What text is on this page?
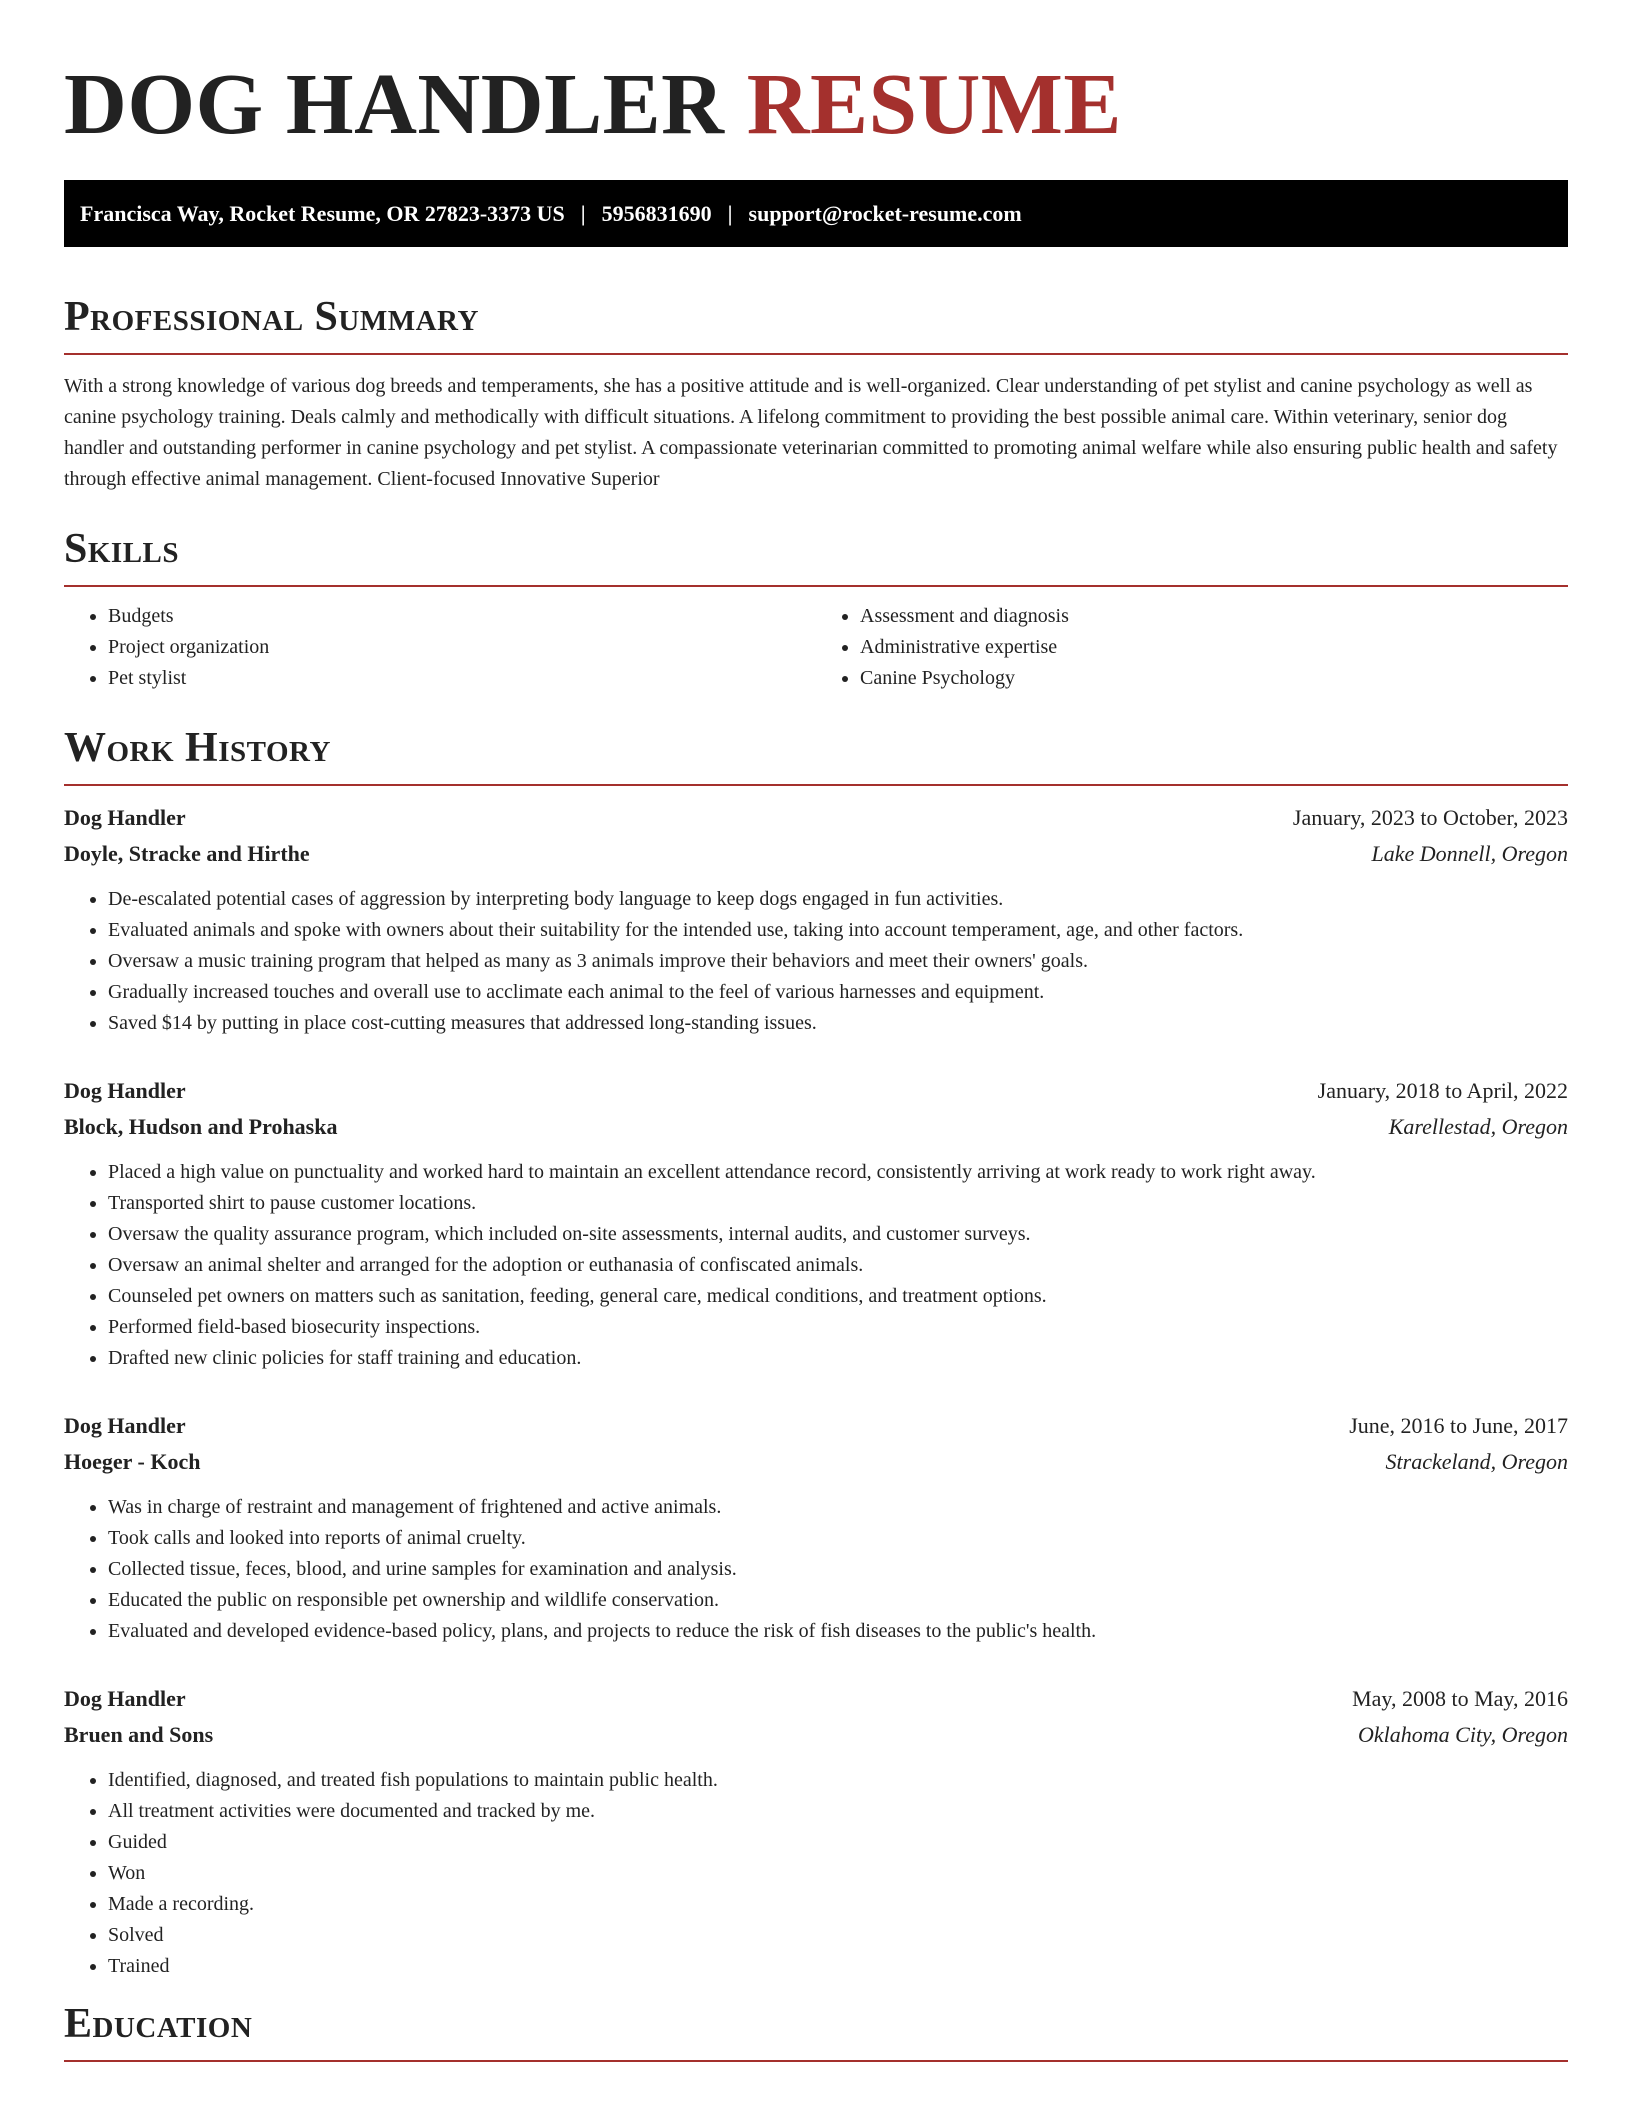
DOG HANDLER RESUME
Francisca Way, Rocket Resume, OR 27823-3373 US | 5956831690 | support@rocket-resume.com
Professional Summary

With a strong knowledge of various dog breeds and temperaments, she has a positive attitude and is well-organized. Clear understanding of pet stylist and canine psychology as well as canine psychology training. Deals calmly and methodically with difficult situations. A lifelong commitment to providing the best possible animal care. Within veterinary, senior dog handler and outstanding performer in canine psychology and pet stylist. A compassionate veterinarian committed to promoting animal welfare while also ensuring public health and safety through effective animal management. Client-focused Innovative Superior

Skills
• Budgets
• Project organization
• Pet stylist
• Assessment and diagnosis
• Administrative expertise
• Canine Psychology
Work History
Dog Handler	January, 2023 to October, 2023
Doyle, Stracke and Hirthe	Lake Donnell, Oregon
• De-escalated potential cases of aggression by interpreting body language to keep dogs engaged in fun activities.
• Evaluated animals and spoke with owners about their suitability for the intended use, taking into account temperament, age, and other factors.
• Oversaw a music training program that helped as many as 3 animals improve their behaviors and meet their owners' goals.
• Gradually increased touches and overall use to acclimate each animal to the feel of various harnesses and equipment.
• Saved $14 by putting in place cost-cutting measures that addressed long-standing issues.
Dog Handler	January, 2018 to April, 2022
Block, Hudson and Prohaska	Karellestad, Oregon
• Placed a high value on punctuality and worked hard to maintain an excellent attendance record, consistently arriving at work ready to work right away.
• Transported shirt to pause customer locations.
• Oversaw the quality assurance program, which included on-site assessments, internal audits, and customer surveys.
• Oversaw an animal shelter and arranged for the adoption or euthanasia of confiscated animals.
• Counseled pet owners on matters such as sanitation, feeding, general care, medical conditions, and treatment options.
• Performed field-based biosecurity inspections.
• Drafted new clinic policies for staff training and education.
Dog Handler	June, 2016 to June, 2017
Hoeger - Koch	Strackeland, Oregon
• Was in charge of restraint and management of frightened and active animals.
• Took calls and looked into reports of animal cruelty.
• Collected tissue, feces, blood, and urine samples for examination and analysis.
• Educated the public on responsible pet ownership and wildlife conservation.
• Evaluated and developed evidence-based policy, plans, and projects to reduce the risk of fish diseases to the public's health.
Dog Handler	May, 2008 to May, 2016
Bruen and Sons	Oklahoma City, Oregon
• Identified, diagnosed, and treated fish populations to maintain public health.
• All treatment activities were documented and tracked by me.
• Guided
• Won
• Made a recording.
• Solved
• Trained
Education
